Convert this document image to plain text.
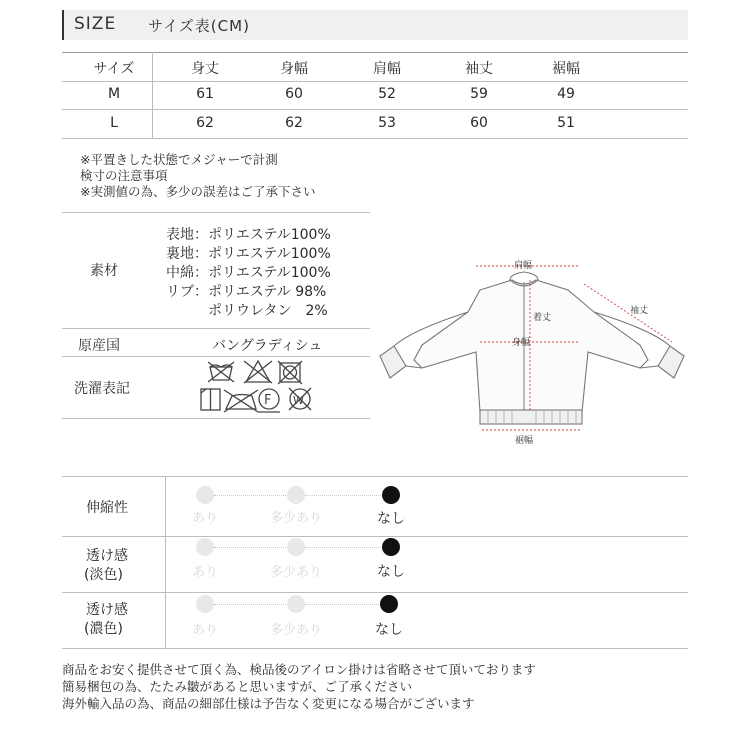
SIZE サイズ表(CM)
サイズ	身丈	身幅	肩幅	袖丈	裾幅
M	61	60	52	59	49
L	62	62	53	60	51
※平置きした状態でメジャーで計測
検寸の注意事項
※実測値の為、多少の誤差はご了承下さい
素材
表地：ポリエステル100%
裏地：ポリエステル100%
中綿：ポリエステル100%
リブ：ポリエステル 98%
　　　ポリウレタン　2%
原産国	バングラディシュ
洗濯表記
F W
肩幅
袖丈
着丈
身幅
裾幅
伸縮性
あり	多少あり	なし
透け感
(淡色)	あり	多少あり	なし
透け感
(濃色)	あり	多少あり	なし
商品をお安く提供させて頂く為、検品後のアイロン掛けは省略させて頂いております
簡易梱包の為、たたみ皺があると思いますが、ご了承ください
海外輸入品の為、商品の細部仕様は予告なく変更になる場合がございます
